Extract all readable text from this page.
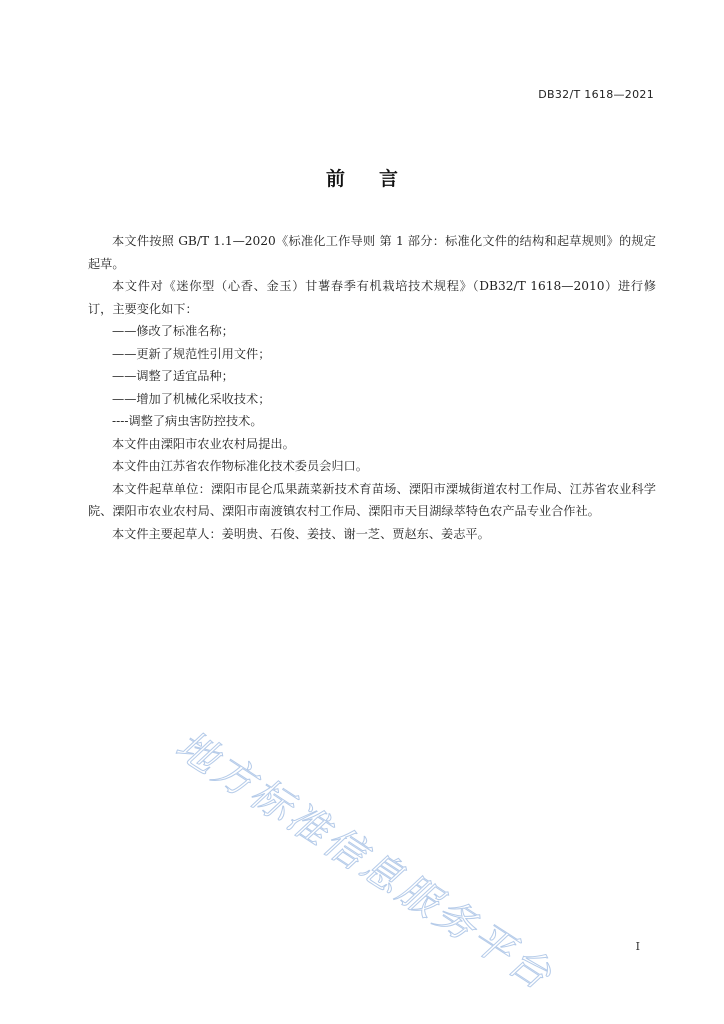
DB32/T 1618—2021
前言

本文件按照 GB/T 1.1—2020《标准化工作导则 第 1 部分：标准化文件的结构和起草规则》的规定起草。

本文件对《迷你型（心香、金玉）甘薯春季有机栽培技术规程》（DB32/T 1618—2010）进行修订，主要变化如下：

——修改了标准名称；
——更新了规范性引用文件；
——调整了适宜品种；
——增加了机械化采收技术；
----调整了病虫害防控技术。

本文件由溧阳市农业农村局提出。

本文件由江苏省农作物标准化技术委员会归口。

本文件起草单位：溧阳市昆仑瓜果蔬菜新技术育苗场、溧阳市溧城街道农村工作局、江苏省农业科学院、溧阳市农业农村局、溧阳市南渡镇农村工作局、溧阳市天目湖绿萃特色农产品专业合作社。

本文件主要起草人：姜明贵、石俊、姜技、谢一芝、贾赵东、姜志平。

地方标准信息服务平台	I
